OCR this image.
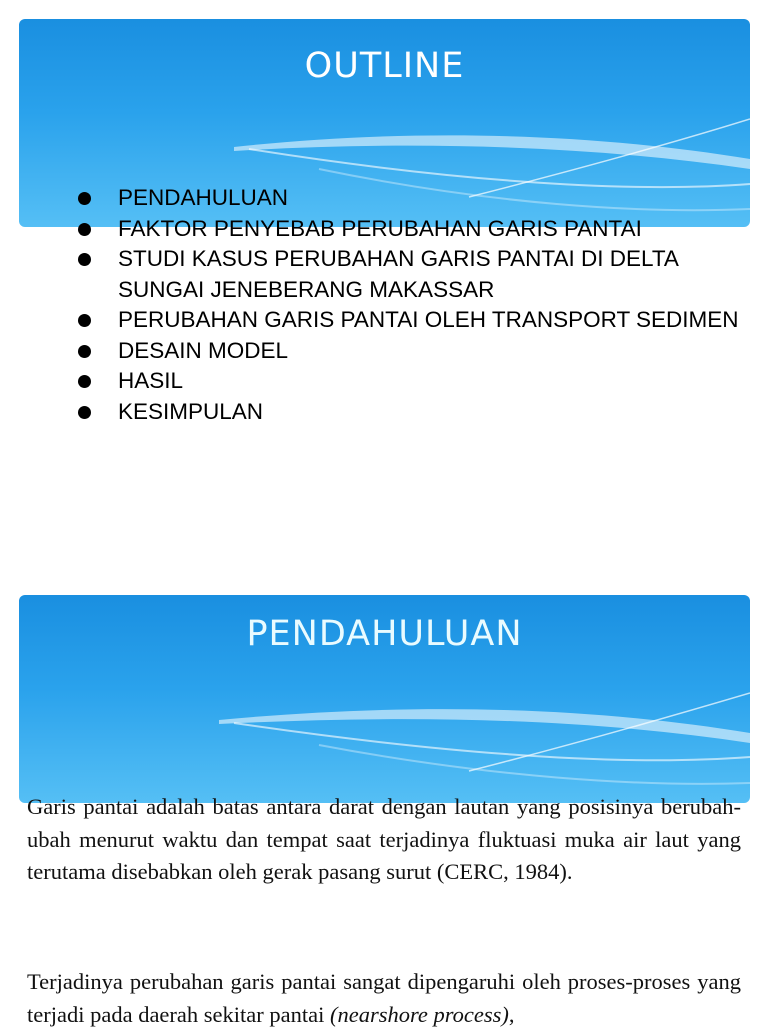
OUTLINE
PENDAHULUAN
FAKTOR PENYEBAB PERUBAHAN GARIS PANTAI
STUDI KASUS PERUBAHAN GARIS PANTAI DI DELTA SUNGAI JENEBERANG MAKASSAR
PERUBAHAN GARIS PANTAI OLEH TRANSPORT SEDIMEN
DESAIN MODEL
HASIL
KESIMPULAN
PENDAHULUAN

Garis pantai adalah batas antara darat dengan lautan yang posisinya berubah-ubah menurut waktu dan tempat saat terjadinya fluktuasi muka air laut yang terutama disebabkan oleh gerak pasang surut (CERC, 1984).

Terjadinya perubahan garis pantai sangat dipengaruhi oleh proses-proses yang terjadi pada daerah sekitar pantai (nearshore process),
